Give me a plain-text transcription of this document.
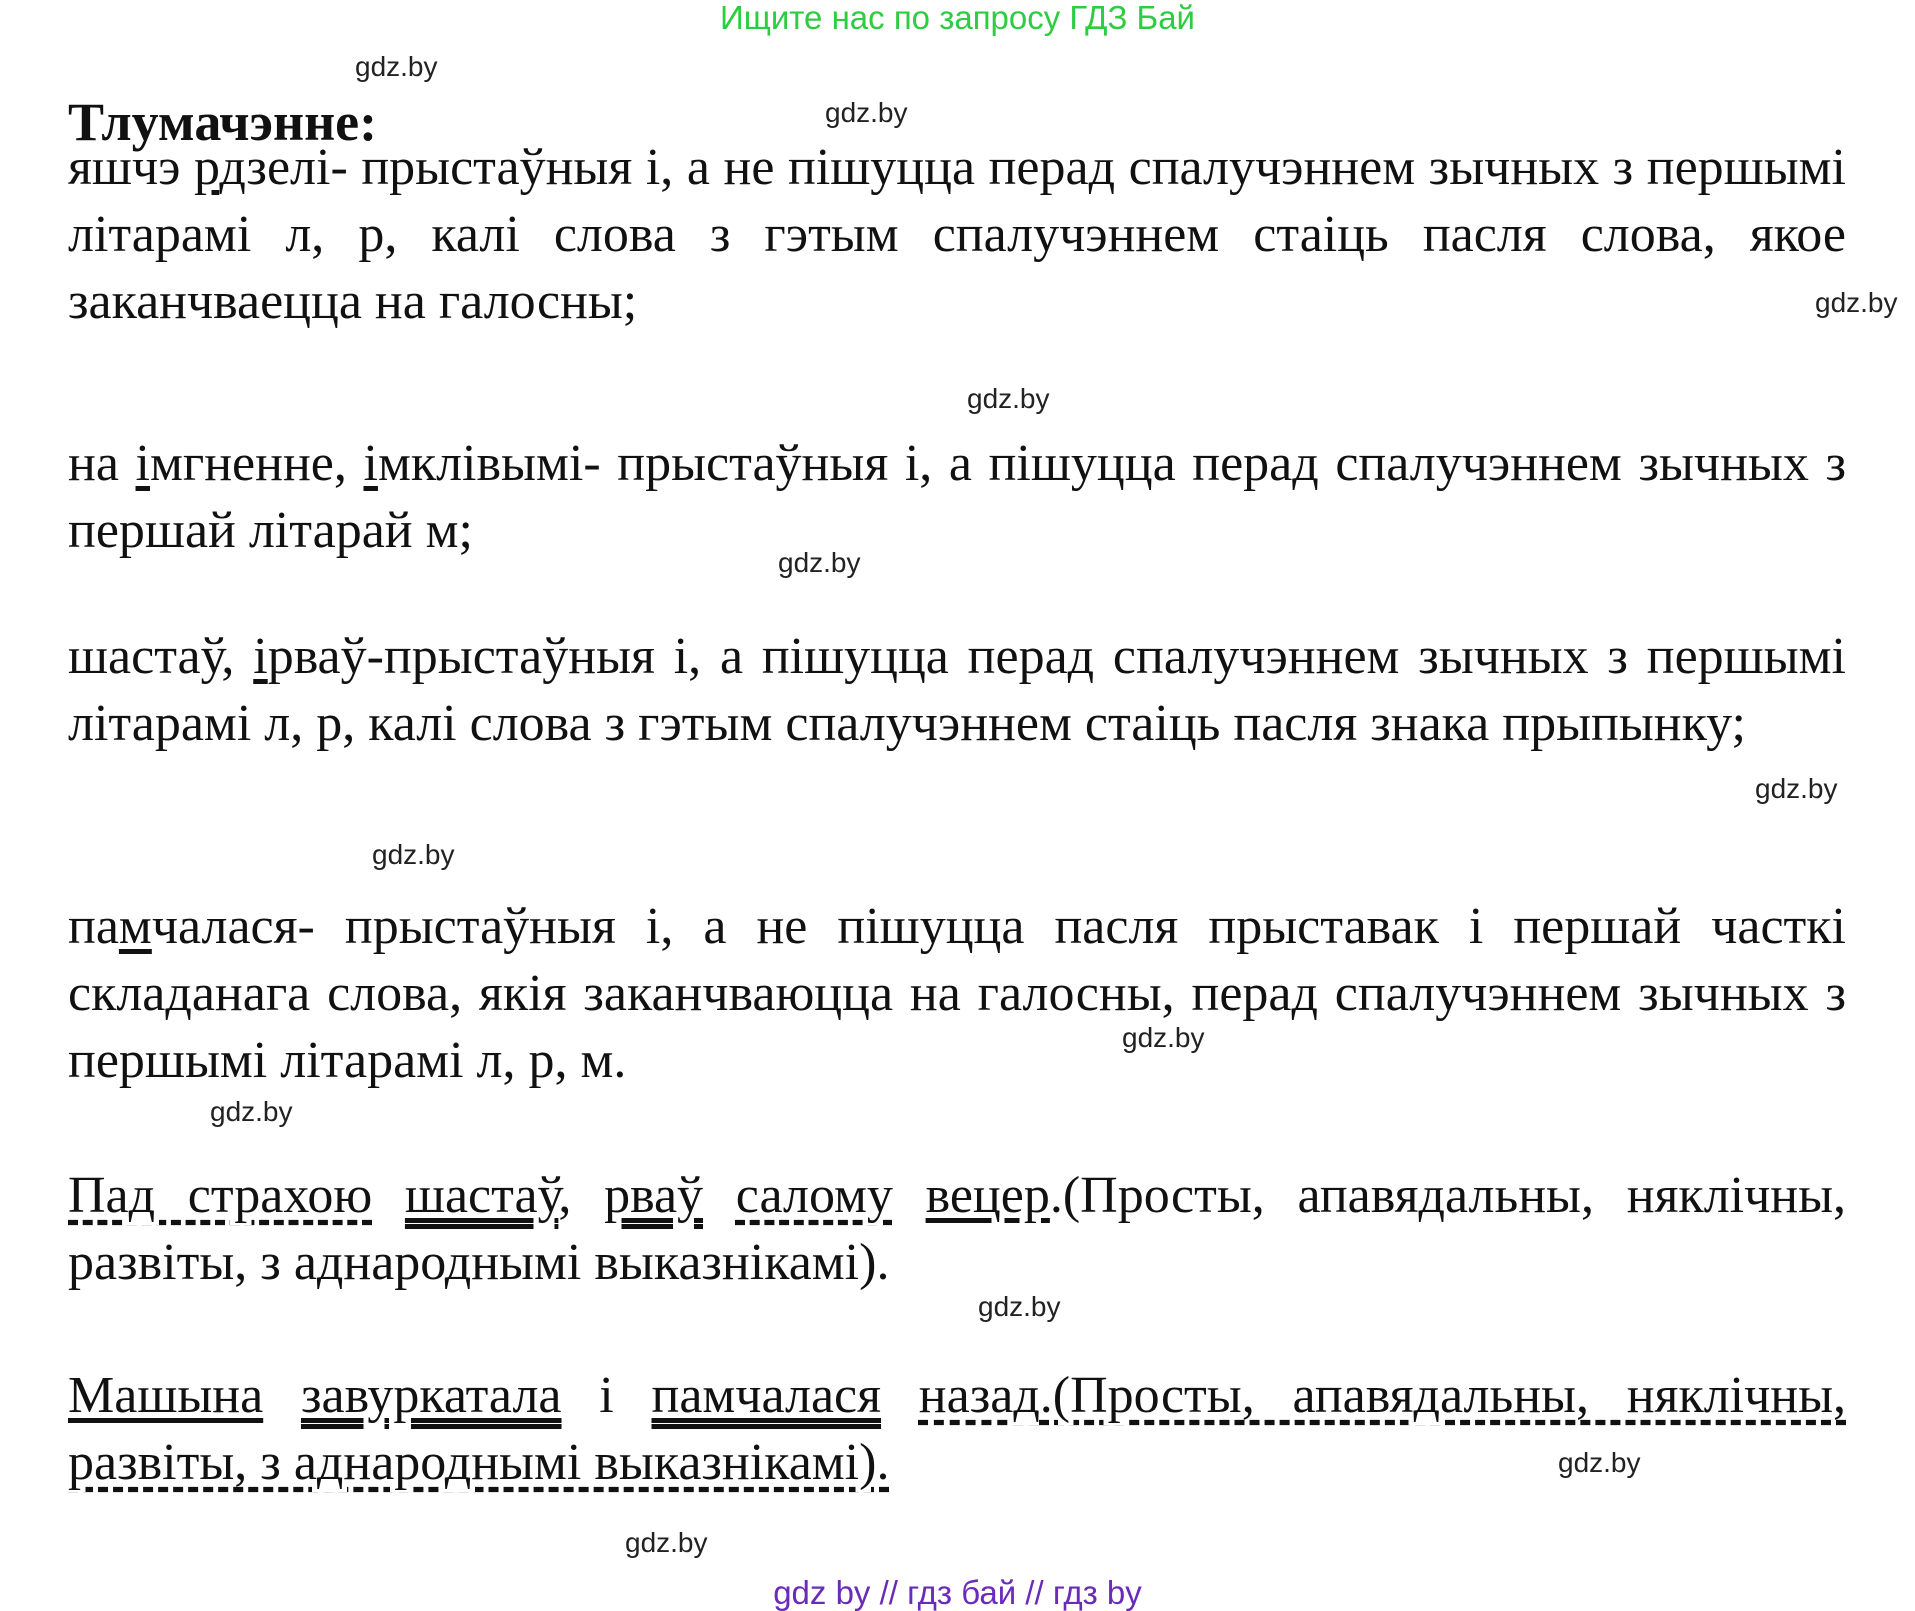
Ищите нас по запросу ГДЗ Бай
Тлумачэнне:
яшчэ рдзелі- прыстаўныя і, а не пішуцца перад спалучэннем зычных з першымі літарамі л, р, калі слова з гэтым спалучэннем стаіць пасля слова, якое заканчваецца на галосны;
на імгненне, імклівымі- прыстаўныя і, а пішуцца перад спалучэннем зычных з першай літарай м;
шастаў, ірваў-прыстаўныя і, а пішуцца перад спалучэннем зычных з першымі літарамі л, р, калі слова з гэтым спалучэннем стаіць пасля знака прыпынку;
памчалася- прыстаўныя і, а не пішуцца пасля прыставак і першай часткі складанага слова, якія заканчваюцца на галосны, перад спалучэннем зычных з першымі літарамі л, р, м.
Пад страхою шастаў, рваў салому вецер.(Просты, апавядальны, няклічны, развіты, з аднароднымі выказнікамі).
Машына завуркатала і памчалася назад.(Просты, апавядальны, няклічны, развіты, з аднароднымі выказнікамі).
gdz.by
gdz.by
gdz.by
gdz.by
gdz.by
gdz.by
gdz.by
gdz.by
gdz.by
gdz.by
gdz.by
gdz.by
gdz by // гдз бай // гдз by
